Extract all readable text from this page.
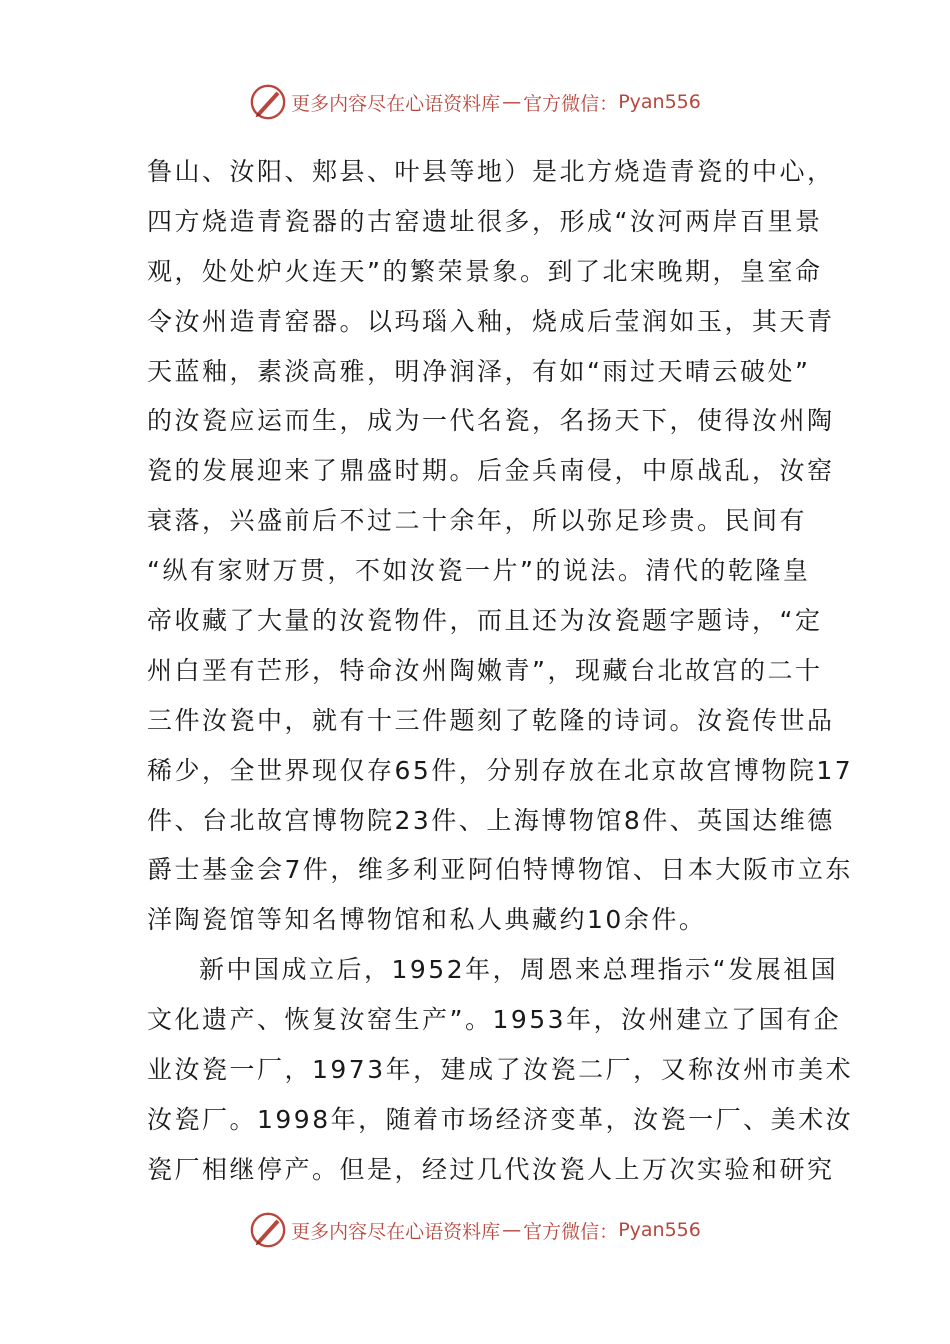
更多内容尽在心语资料库 — 官方微信： Pyan556
鲁山、汝阳、郏县、叶县等地）是北方烧造青瓷的中心，
四方烧造青瓷器的古窑遗址很多，形成“汝河两岸百里景
观，处处炉火连天”的繁荣景象。到了北宋晚期，皇室命
令汝州造青窑器。以玛瑙入釉，烧成后莹润如玉，其天青
天蓝釉，素淡高雅，明净润泽，有如“雨过天晴云破处”
的汝瓷应运而生，成为一代名瓷，名扬天下，使得汝州陶
瓷的发展迎来了鼎盛时期。后金兵南侵，中原战乱，汝窑
衰落，兴盛前后不过二十余年，所以弥足珍贵。民间有
“纵有家财万贯，不如汝瓷一片”的说法。清代的乾隆皇
帝收藏了大量的汝瓷物件，而且还为汝瓷题字题诗，“定
州白垩有芒形，特命汝州陶嫩青”，现藏台北故宫的二十
三件汝瓷中，就有十三件题刻了乾隆的诗词。汝瓷传世品
稀少，全世界现仅存65件，分别存放在北京故宫博物院17
件、台北故宫博物院23件、上海博物馆8件、英国达维德
爵士基金会7件，维多利亚阿伯特博物馆、日本大阪市立东
洋陶瓷馆等知名博物馆和私人典藏约10余件。
新中国成立后，1952年，周恩来总理指示“发展祖国
文化遗产、恢复汝窑生产”。1953年，汝州建立了国有企
业汝瓷一厂，1973年，建成了汝瓷二厂，又称汝州市美术
汝瓷厂。1998年，随着市场经济变革，汝瓷一厂、美术汝
瓷厂相继停产。但是，经过几代汝瓷人上万次实验和研究
更多内容尽在心语资料库 — 官方微信： Pyan556
